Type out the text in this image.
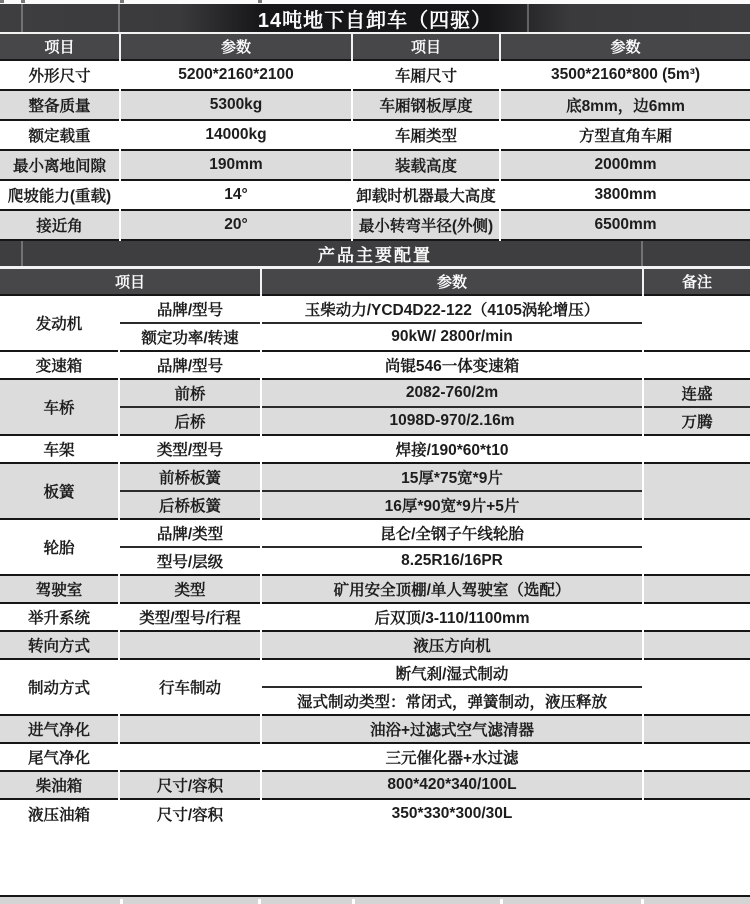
14吨地下自卸车（四驱）
项目	参数	项目	参数
外形尺寸	5200*2160*2100	车厢尺寸	3500*2160*800 (5m³)
整备质量	5300kg	车厢钢板厚度	底8mm，边6mm
额定载重	14000kg	车厢类型	方型直角车厢
最小离地间隙	190mm	装载高度	2000mm
爬坡能力(重载)	14°	卸载时机器最大高度	3800mm
接近角	20°	最小转弯半径(外侧)	6500mm
产品主要配置
项目		参数	备注
发动机	品牌/型号	玉柴动力/YCD4D22-122（4105涡轮增压）	
	额定功率/转速	90kW/ 2800r/min	
变速箱	品牌/型号	尚锟546一体变速箱	
车桥	前桥	2082-760/2m	连盛
	后桥	1098D-970/2.16m	万腾
车架	类型/型号	焊接/190*60*t10	
板簧	前桥板簧	15厚*75宽*9片	
	后桥板簧	16厚*90宽*9片+5片	
轮胎	品牌/类型	昆仑/全钢子午线轮胎	
	型号/层级	8.25R16/16PR	
驾驶室	类型	矿用安全顶棚/单人驾驶室（选配）	
举升系统	类型/型号/行程	后双顶/3-110/1100mm	
转向方式		液压方向机	
制动方式	行车制动	断气刹/湿式制动	
		湿式制动类型：常闭式，弹簧制动，液压释放	
进气净化		油浴+过滤式空气滤清器	
尾气净化		三元催化器+水过滤	
柴油箱	尺寸/容积	800*420*340/100L	
液压油箱	尺寸/容积	350*330*300/30L	
